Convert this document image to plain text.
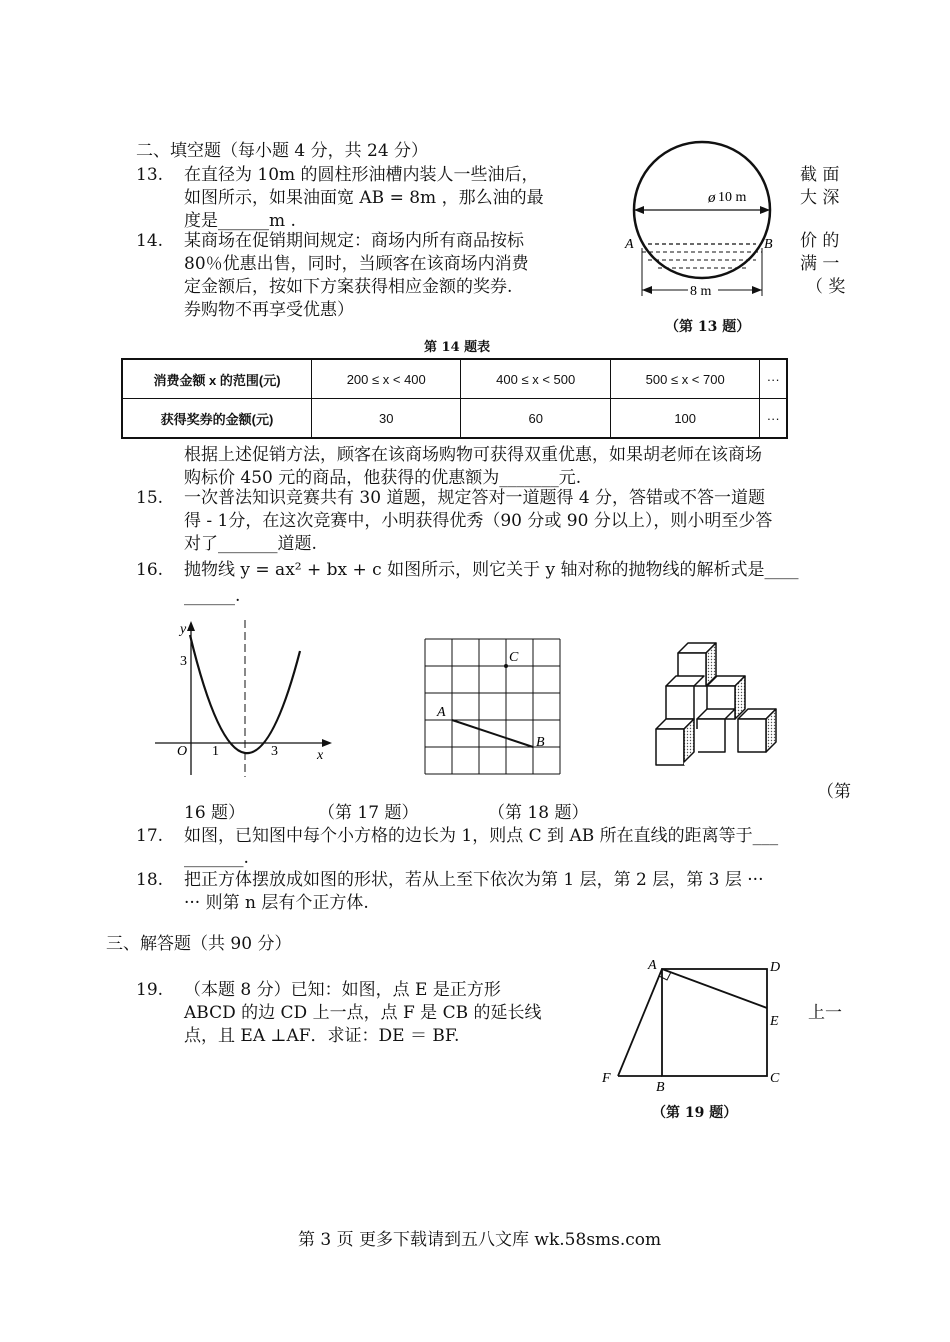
二、填空题（每小题 4 分，共 24 分）
13. 在直径为 10m 的圆柱形油槽内装人一些油后，
如图所示，如果油面宽 AB = 8m ，那么油的最
度是______m .
截 面
大 深
10 m
ø
A	B
8 m
（第 13 题）
14. 某商场在促销期间规定：商场内所有商品按标
80％优惠出售，同时，当顾客在该商场内消费
定金额后，按如下方案获得相应金额的奖券.
券购物不再享受优惠）
价 的
满 一
（ 奖
第 14 题表
消费金额 x 的范围(元)	200 ≤ x < 400	400 ≤ x < 500	500 ≤ x < 700	···
获得奖券的金额(元)	30	60	100	···
根据上述促销方法，顾客在该商场购物可获得双重优惠，如果胡老师在该商场
购标价 450 元的商品，他获得的优惠额为_______元.
15. 一次普法知识竞赛共有 30 道题，规定答对一道题得 4 分，答错或不答一道题
得 - 1分，在这次竞赛中，小明获得优秀（90 分或 90 分以上），则小明至少答
对了_______道题.
16. 抛物线 y = ax² + bx + c 如图所示，则它关于 y 轴对称的抛物线的解析式是____
______.
y
x
O
3
1	3
C
A
B
（第
16 题）	（第 17 题）	（第 18 题）
17. 如图，已知图中每个小方格的边长为 1，则点 C 到 AB 所在直线的距离等于___
_______.
18. 把正方体摆放成如图的形状，若从上至下依次为第 1 层，第 2 层，第 3 层 ···
··· 则第 n 层有个正方体.
三、解答题（共 90 分）
19. （本题 8 分）已知：如图，点 E 是正方形
ABCD 的边 CD 上一点，点 F 是 CB 的延长线
点，且 EA ⊥AF．求证：DE ＝ BF.
上一
A	D
E
C
B
F
（第 19 题）
第 3 页 更多下载请到五八文库 wk.58sms.com
